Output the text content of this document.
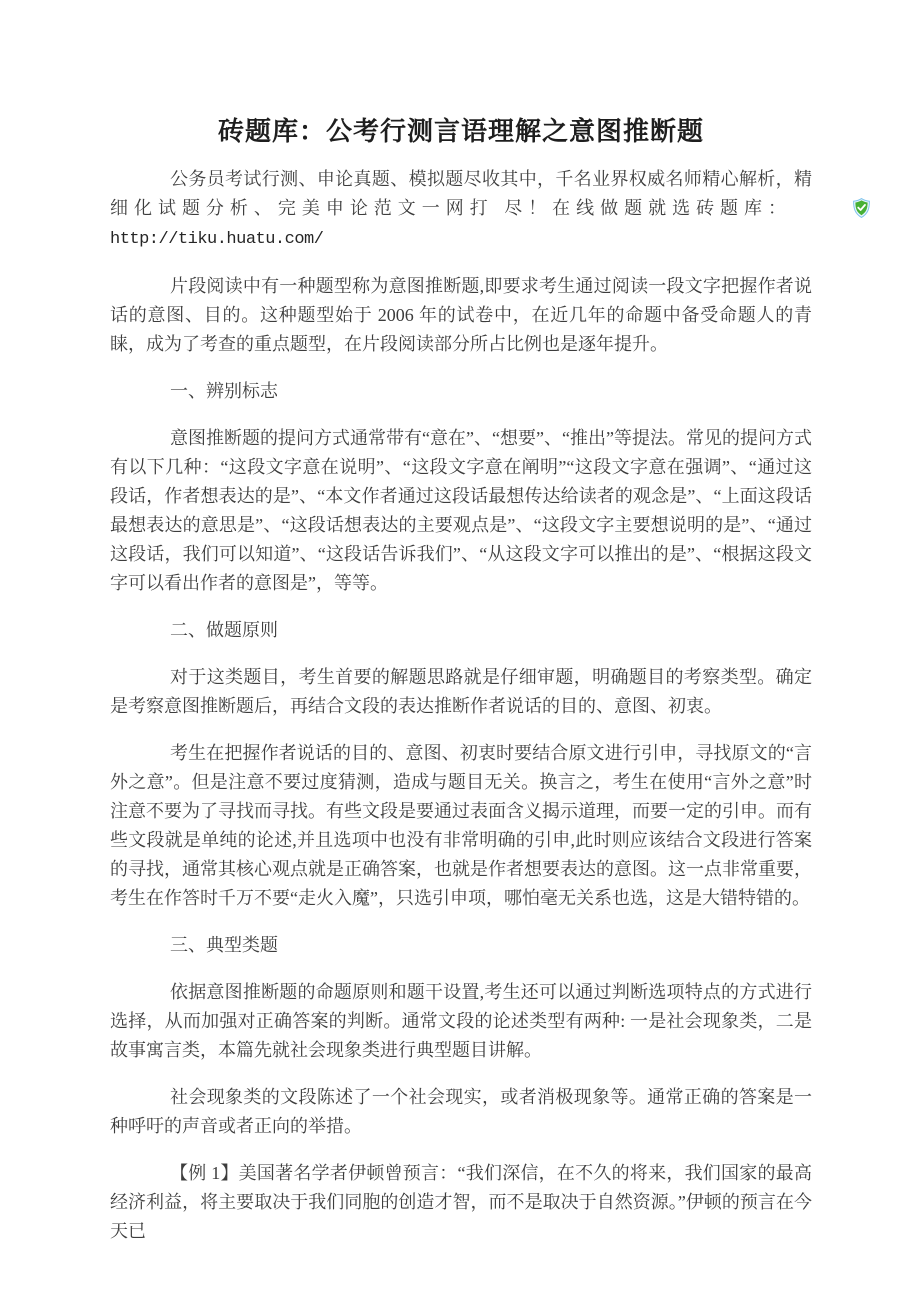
砖题库：公考行测言语理解之意图推断题

公务员考试行测、申论真题、模拟题尽收其中，千名业界权威名师精心解析，精细化试题分析、完美申论范文一网打 尽！在线做题就选砖题库：http://tiku.huatu.com/

片段阅读中有一种题型称为意图推断题,即要求考生通过阅读一段文字把握作者说话的意图、目的。这种题型始于 2006 年的试卷中，在近几年的命题中备受命题人的青睐，成为了考查的重点题型，在片段阅读部分所占比例也是逐年提升。

一、辨别标志

意图推断题的提问方式通常带有“意在”、“想要”、“推出”等提法。常见的提问方式有以下几种：“这段文字意在说明”、“这段文字意在阐明”“这段文字意在强调”、“通过这段话，作者想表达的是”、“本文作者通过这段话最想传达给读者的观念是”、“上面这段话最想表达的意思是”、“这段话想表达的主要观点是”、“这段文字主要想说明的是”、“通过这段话，我们可以知道”、“这段话告诉我们”、“从这段文字可以推出的是”、“根据这段文字可以看出作者的意图是”，等等。

二、做题原则

对于这类题目，考生首要的解题思路就是仔细审题，明确题目的考察类型。确定是考察意图推断题后，再结合文段的表达推断作者说话的目的、意图、初衷。

考生在把握作者说话的目的、意图、初衷时要结合原文进行引申，寻找原文的“言外之意”。但是注意不要过度猜测，造成与题目无关。换言之，考生在使用“言外之意”时注意不要为了寻找而寻找。有些文段是要通过表面含义揭示道理，而要一定的引申。而有些文段就是单纯的论述,并且选项中也没有非常明确的引申,此时则应该结合文段进行答案的寻找，通常其核心观点就是正确答案，也就是作者想要表达的意图。这一点非常重要，考生在作答时千万不要“走火入魔”，只选引申项，哪怕毫无关系也选，这是大错特错的。

三、典型类题

依据意图推断题的命题原则和题干设置,考生还可以通过判断选项特点的方式进行选择，从而加强对正确答案的判断。通常文段的论述类型有两种: 一是社会现象类，二是故事寓言类，本篇先就社会现象类进行典型题目讲解。

社会现象类的文段陈述了一个社会现实，或者消极现象等。通常正确的答案是一种呼吁的声音或者正向的举措。

【例 1】美国著名学者伊顿曾预言：“我们深信，在不久的将来，我们国家的最高经济利益，将主要取决于我们同胞的创造才智，而不是取决于自然资源。”伊顿的预言在今天已
